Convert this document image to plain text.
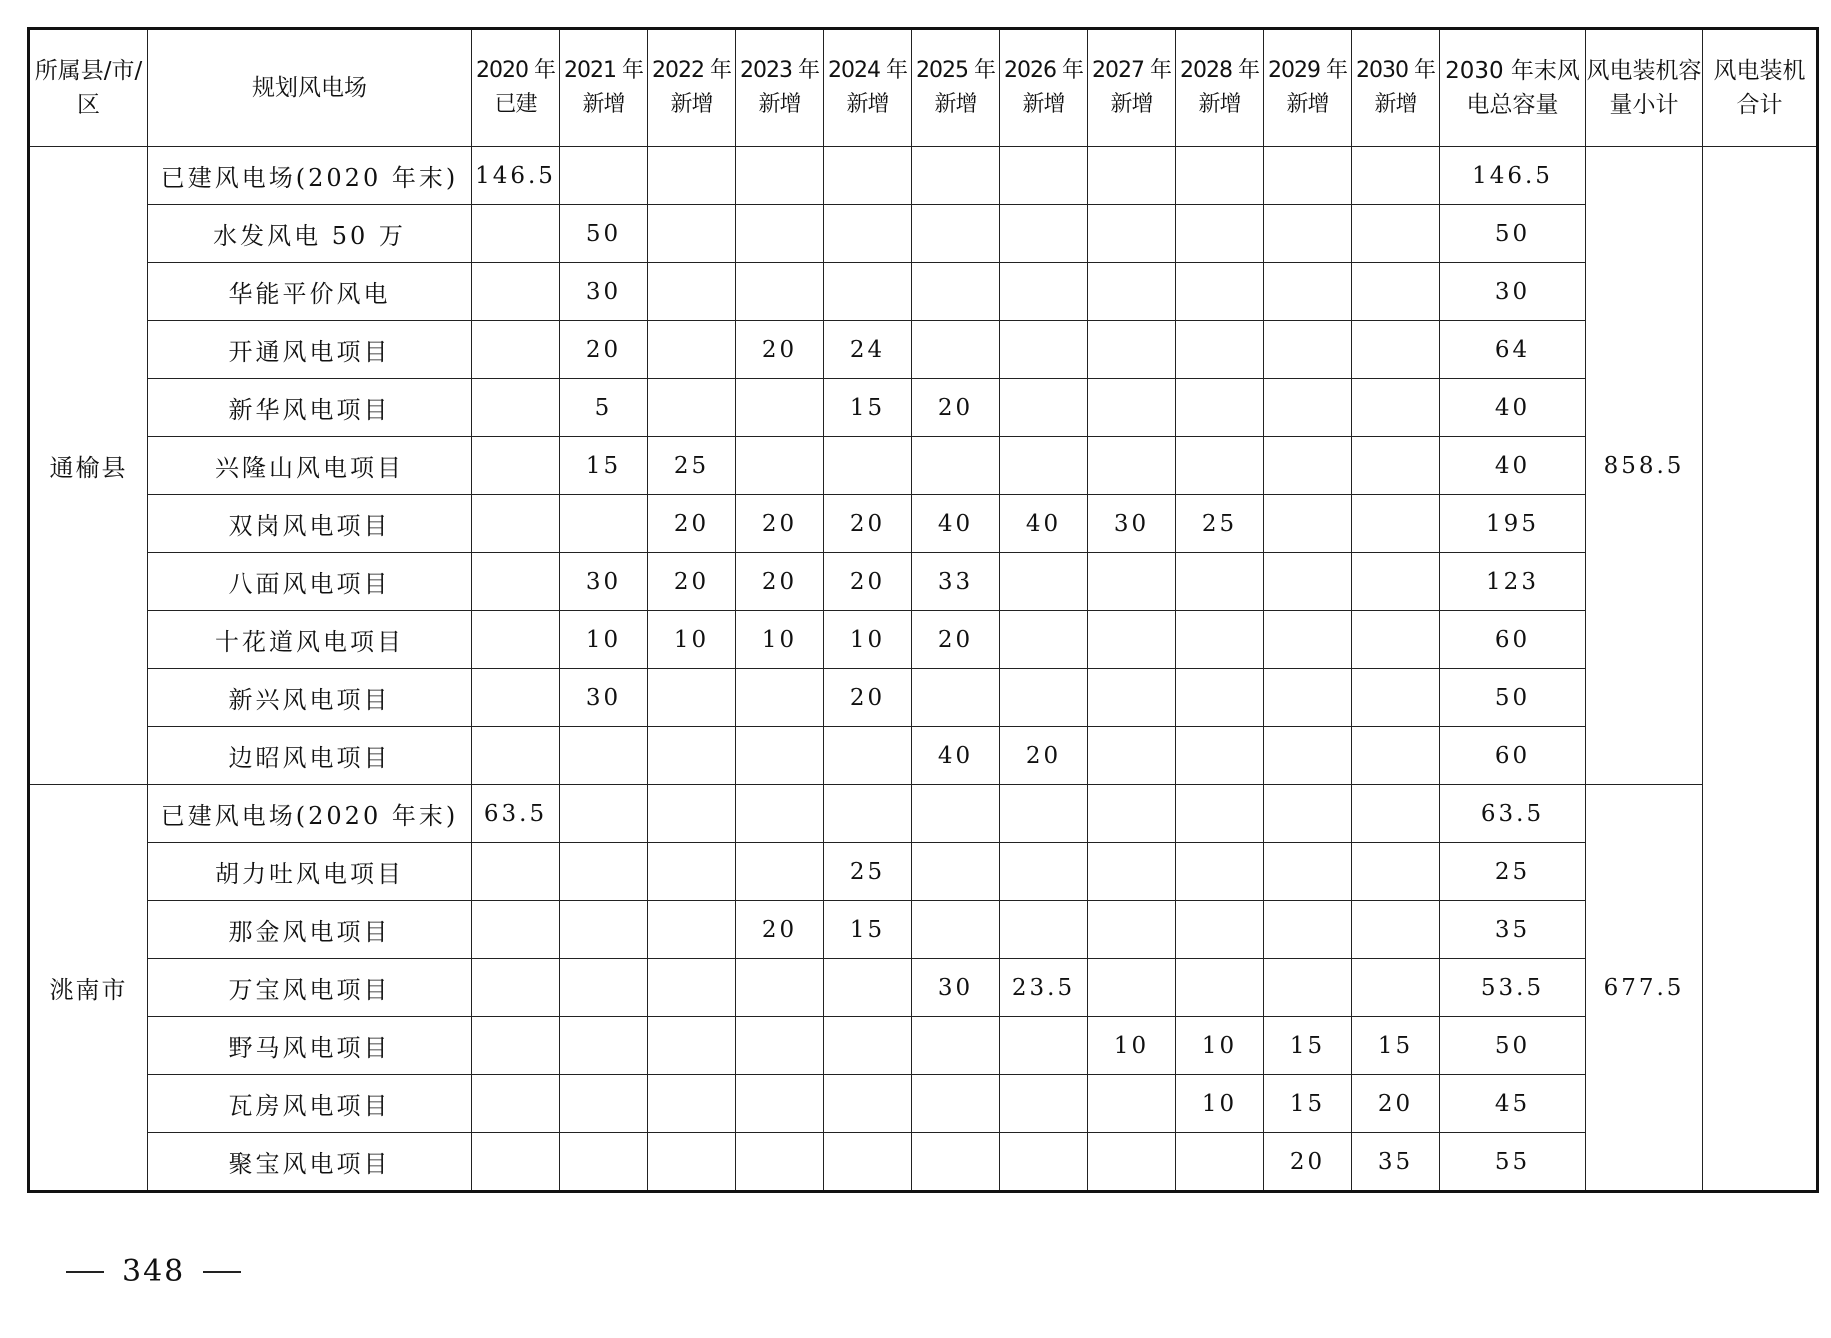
所属县/市/区	规划风电场	2020 年已建	2021 年新增	2022 年新增	2023 年新增	2024 年新增	2025 年新增	2026 年新增	2027 年新增	2028 年新增	2029 年新增	2030 年新增	2030 年末风电总容量	风电装机容量小计	风电装机合计
通榆县	已建风电场(2020 年末)	146.5											146.5	858.5	
	水发风电 50 万		50										50		
	华能平价风电		30										30		
	开通风电项目		20		20	24							64		
	新华风电项目		5			15	20						40		
	兴隆山风电项目		15	25									40		
	双岗风电项目			20	20	20	40	40	30	25			195		
	八面风电项目		30	20	20	20	33						123		
	十花道风电项目		10	10	10	10	20						60		
	新兴风电项目		30			20							50		
	边昭风电项目						40	20					60		
洮南市	已建风电场(2020 年末)	63.5											63.5	677.5	
	胡力吐风电项目					25							25		
	那金风电项目				20	15							35		
	万宝风电项目						30	23.5					53.5		
	野马风电项目								10	10	15	15	50		
	瓦房风电项目									10	15	20	45		
	聚宝风电项目										20	35	55		
348
